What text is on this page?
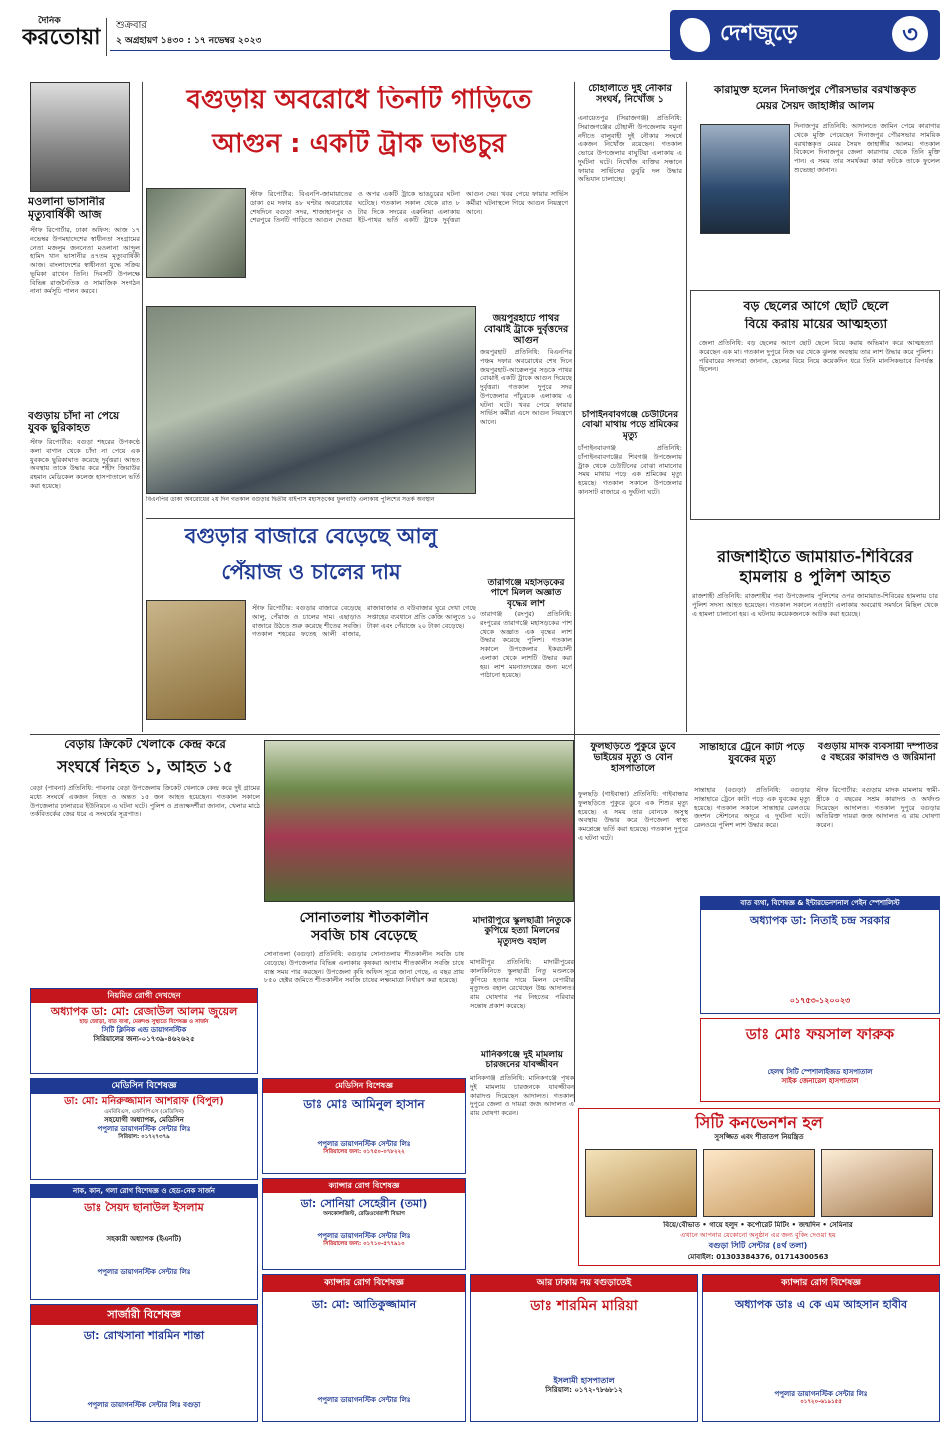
দৈনিক
করতোয়া শুক্রবার
২ অগ্রহায়ণ ১৪৩০ : ১৭ নভেম্বর ২০২৩	দেশজুড়ে	৩
মওলানা ভাসানীর মৃত্যুবার্ষিকী আজ
স্টাফ রিপোর্টার, ঢাকা অফিস: আজ ১৭ নভেম্বর উপমহাদেশের স্বাধীনতা সংগ্রামের নেতা মজলুম জননেতা মওলানা আব্দুল হামিদ খান ভাসানীর ৪৭তম মৃত্যুবার্ষিকী আজ। বাংলাদেশের স্বাধীনতা যুদ্ধে সক্রিয় ভূমিকা রাখেন তিনি। দিবসটি উপলক্ষে বিভিন্ন রাজনৈতিক ও সামাজিক সংগঠন নানা কর্মসূচি পালন করবে।
বগুড়ায় চাঁদা না পেয়ে যুবক ছুরিকাহত
স্টাফ রিপোর্টার: বগুড়া শহরের উপকণ্ঠে কলা বাগান থেকে চাঁদা না পেয়ে এক যুবককে ছুরিকাঘাত করেছে দুর্বৃত্তরা। আহত অবস্থায় তাকে উদ্ধার করে শহীদ জিয়াউর রহমান মেডিকেল কলেজ হাসপাতালে ভর্তি করা হয়েছে।
বগুড়ায় অবরোধে তিনটি গাড়িতে
আগুন : একটি ট্রাক ভাঙচুর
স্টাফ রিপোর্টার: বিএনপি-জামায়াতের ডাকা ৫ম দফায় ৪৮ ঘণ্টার অবরোধের শেষদিনে বগুড়া সদর, শাজাহানপুর ও শেরপুরে তিনটি গাড়িতে আগুন দেওয়া ও অপর একটি ট্রাকে ভাঙচুরের ঘটনা ঘটেছে। গতকাল সকাল থেকে রাত ৮ টার দিকে সদরের এরুলিয়া এলাকায় ইট-পাথর ভর্তি একটি ট্রাকে দুর্বৃত্তরা আগুন দেয়। খবর পেয়ে ফায়ার সার্ভিস কর্মীরা ঘটনাস্থলে গিয়ে আগুন নিয়ন্ত্রণে আনে।
বিএনপির ডাকা অবরোধের ২য় দিন গতকাল বগুড়ার দ্বিতীয় বাইপাস মহাসড়কের ফুলবাড়ি এলাকায় পুলিশের সতর্ক অবস্থান
জয়পুরহাটে পাথর বোঝাই ট্রাকে দুর্বৃত্তদের আগুন
জয়পুরহাট প্রতিনিধি: বিএনপির পঞ্চম দফার অবরোধের শেষ দিনে জয়পুরহাট-আক্কেলপুর সড়কে পাথর বোঝাই একটি ট্রাকে আগুন দিয়েছে দুর্বৃত্তরা। গতকাল দুপুরে সদর উপজেলার পাঁচুরচক এলাকায় এ ঘটনা ঘটে। খবর পেয়ে ফায়ার সার্ভিস কর্মীরা এসে আগুন নিয়ন্ত্রণে আনে।
তারাগঞ্জে মহাসড়কের পাশে মিলল অজ্ঞাত বৃদ্ধের লাশ
তারাগঞ্জ (রংপুর) প্রতিনিধি: রংপুরের তারাগঞ্জে মহাসড়কের পাশ থেকে অজ্ঞাত এক বৃদ্ধের লাশ উদ্ধার করেছে পুলিশ। গতকাল সকালে উপজেলার ইকরচালী এলাকা থেকে লাশটি উদ্ধার করা হয়। লাশ ময়নাতদন্তের জন্য মর্গে পাঠানো হয়েছে।
বগুড়ার বাজারে বেড়েছে আলু
পেঁয়াজ ও চালের দাম
স্টাফ রিপোর্টার: বগুড়ার বাজারে বেড়েছে আলু, পেঁয়াজ ও চালের দাম। এছাড়াও বাজারে উঠতে শুরু করেছে শীতের সবজি। গতকাল শহরের ফতেহ আলী বাজার, রাজাবাজার ও বউবাজার ঘুরে দেখা গেছে সপ্তাহের ব্যবধানে প্রতি কেজি আলুতে ১০ টাকা এবং পেঁয়াজে ২০ টাকা বেড়েছে।
বেড়ায় ক্রিকেট খেলাকে কেন্দ্র করে
সংঘর্ষে নিহত ১, আহত ১৫
বেড়া (পাবনা) প্রতিনিধি: পাবনার বেড়া উপজেলায় ক্রিকেট খেলাকে কেন্দ্র করে দুই গ্রামের মধ্যে সংঘর্ষে একজন নিহত ও অন্তত ১৫ জন আহত হয়েছেন। গতকাল সকালে উপজেলার ঢালারচর ইউনিয়নে এ ঘটনা ঘটে। পুলিশ ও প্রত্যক্ষদর্শীরা জানান, খেলার মাঠে তর্কবিতর্কের জের ধরে এ সংঘর্ষের সূত্রপাত।
সোনাতলায় শীতকালীন
সবজি চাষ বেড়েছে
সোনাতলা (বগুড়া) প্রতিনিধি: বগুড়ার সোনাতলায় শীতকালীন সবজি চাষ বেড়েছে। উপজেলার বিভিন্ন এলাকায় কৃষকরা আগাম শীতকালীন সবজি চাষে ব্যস্ত সময় পার করছেন। উপজেলা কৃষি অফিস সূত্রে জানা গেছে, এ বছর প্রায় ৮৫০ হেক্টর জমিতে শীতকালীন সবজি চাষের লক্ষ্যমাত্রা নির্ধারণ করা হয়েছে।
মাদারীপুরে স্কুলছাত্রী নিতুকে কুপিয়ে হত্যা মিলনের মৃত্যুদণ্ড বহাল
মাদারীপুর প্রতিনিধি: মাদারীপুরের কালকিনিতে স্কুলছাত্রী নিতু মণ্ডলকে কুপিয়ে হত্যার দায়ে মিলন বেপারীর মৃত্যুদণ্ড বহাল রেখেছেন উচ্চ আদালত। রায় ঘোষণার পর নিহতের পরিবার সন্তোষ প্রকাশ করেছে।
মানিকগঞ্জে দুই মামলায় চারজনের যাবজ্জীবন
মানিকগঞ্জ প্রতিনিধি: মানিকগঞ্জে পৃথক দুই মামলায় চারজনকে যাবজ্জীবন কারাদণ্ড দিয়েছেন আদালত। গতকাল দুপুরে জেলা ও দায়রা জজ আদালত এ রায় ঘোষণা করেন।
চৌহালীতে দুই নৌকার সংঘর্ষ, নিখোঁজ ১
এনায়েতপুর (সিরাজগঞ্জ) প্রতিনিধি: সিরাজগঞ্জের চৌহালী উপজেলায় যমুনা নদীতে বালুবাহী দুই নৌকার সংঘর্ষে একজন নিখোঁজ রয়েছেন। গতকাল ভোরে উপজেলার বাঘুটিয়া এলাকায় এ দুর্ঘটনা ঘটে। নিখোঁজ ব্যক্তির সন্ধানে ফায়ার সার্ভিসের ডুবুরি দল উদ্ধার অভিযান চালাচ্ছে।
চাঁপাইনবাবগঞ্জে চেউটিনের বোঝা মাথায় পড়ে শ্রমিকের মৃত্যু
চাঁপাইনবাবগঞ্জ প্রতিনিধি: চাঁপাইনবাবগঞ্জের শিবগঞ্জ উপজেলায় ট্রাক থেকে চেউটিনের বোঝা নামানোর সময় মাথায় পড়ে এক শ্রমিকের মৃত্যু হয়েছে। গতকাল সকালে উপজেলার কানসাট বাজারে এ দুর্ঘটনা ঘটে।
কারামুক্ত হলেন দিনাজপুর পৌরসভার বরখাস্তকৃত
মেয়র সৈয়দ জাহাঙ্গীর আলম
দিনাজপুর প্রতিনিধি: আদালতে জামিন পেয়ে কারাগার থেকে মুক্তি পেয়েছেন দিনাজপুর পৌরসভার সাময়িক বরখাস্তকৃত মেয়র সৈয়দ জাহাঙ্গীর আলম। গতকাল বিকেলে দিনাজপুর জেলা কারাগার থেকে তিনি মুক্তি পান। এ সময় তার সমর্থকরা কারা ফটকে তাকে ফুলেল শুভেচ্ছা জানান।
বড় ছেলের আগে ছোট ছেলে
বিয়ে করায় মায়ের আত্মহত্যা
জেলা প্রতিনিধি: বড় ছেলের আগে ছোট ছেলে বিয়ে করায় অভিমান করে আত্মহত্যা করেছেন এক মা। গতকাল দুপুরে নিজ ঘর থেকে ঝুলন্ত অবস্থায় তার লাশ উদ্ধার করে পুলিশ। পরিবারের সদস্যরা জানান, ছেলের বিয়ে নিয়ে কয়েকদিন ধরে তিনি মানসিকভাবে বিপর্যস্ত ছিলেন।
রাজশাহীতে জামায়াত-শিবিরের
হামলায় ৪ পুলিশ আহত
রাজশাহী প্রতিনিধি: রাজশাহীর পবা উপজেলায় পুলিশের ওপর জামায়াত-শিবিরের হামলায় চার পুলিশ সদস্য আহত হয়েছেন। গতকাল সকালে নওহাটা এলাকায় অবরোধ সমর্থনে মিছিল থেকে এ হামলা চালানো হয়। এ ঘটনায় কয়েকজনকে আটক করা হয়েছে।
ফুলছড়িতে পুকুরে ডুবে ভাইয়ের মৃত্যু ও বোন হাসপাতালে
ফুলছড়ি (গাইবান্ধা) প্রতিনিধি: গাইবান্ধার ফুলছড়িতে পুকুরে ডুবে এক শিশুর মৃত্যু হয়েছে। এ সময় তার বোনকে অসুস্থ অবস্থায় উদ্ধার করে উপজেলা স্বাস্থ্য কমপ্লেক্সে ভর্তি করা হয়েছে। গতকাল দুপুরে এ ঘটনা ঘটে।
সান্তাহারে ট্রেনে কাটা পড়ে যুবকের মৃত্যু
সান্তাহার (বগুড়া) প্রতিনিধি: বগুড়ার সান্তাহারে ট্রেনে কাটা পড়ে এক যুবকের মৃত্যু হয়েছে। গতকাল সকালে সান্তাহার রেলওয়ে জংশন স্টেশনের অদূরে এ দুর্ঘটনা ঘটে। রেলওয়ে পুলিশ লাশ উদ্ধার করে।
বগুড়ায় মাদক ব্যবসায়ী দম্পতির ৫ বছরের কারাদণ্ড ও জরিমানা
স্টাফ রিপোর্টার: বগুড়ায় মাদক মামলায় স্বামী-স্ত্রীকে ৫ বছরের সশ্রম কারাদণ্ড ও অর্থদণ্ড দিয়েছেন আদালত। গতকাল দুপুরে বগুড়ার অতিরিক্ত দায়রা জজ আদালত এ রায় ঘোষণা করেন।
নিয়মিত রোগী দেখছেন
অধ্যাপক ডা: মো: রেজাউল আলম জুয়েল
হাড় জোড়া, বাত ব্যথা, মেরুদণ্ড সুস্থ্যতে বিশেষজ্ঞ ও সার্জন
সিটি ক্লিনিক এন্ড ডায়াগনস্টিক
সিরিয়ালের জন্য-০১৭৩৯-৪৬২৬২৫
মেডিসিন বিশেষজ্ঞ
ডা: মো: মনিরুজ্জামান আশরাফ (বিপুল)
এমবিবিএস, এফসিপিএস (মেডিসিন)
সহযোগী অধ্যাপক, মেডিসিন
পপুলার ডায়াগনস্টিক সেন্টার লিঃ
সিরিয়াল: ০১৭২৭৩৭৯
নাক, কান, গলা রোগ বিশেষজ্ঞ ও হেড-নেক সার্জন
ডাঃ সৈয়দ ছানাউল ইসলাম
সহকারী অধ্যাপক (ইএনটি)
পপুলার ডায়াগনস্টিক সেন্টার লিঃ
সার্জারী বিশেষজ্ঞ
ডা: রোখসানা শারমিন শান্তা
পপুলার ডায়াগনস্টিক সেন্টার লিঃ বগুড়া
মেডিসিন বিশেষজ্ঞ
ডাঃ মোঃ আমিনুল হাসান
পপুলার ডায়াগনস্টিক সেন্টার লিঃ
সিরিয়ালের জন্য: ০১৭৫০-০৭৮২২২
ক্যান্সার রোগ বিশেষজ্ঞ
ডা: সোনিয়া সেহেরীন (তমা)
অনকোলজিস্ট, রেডিওথেরাপী বিভাগ
পপুলার ডায়াগনস্টিক সেন্টার লিঃ
সিরিয়ালের জন্য: ০১৭১০-৫৭৭৯১০
ক্যান্সার রোগ বিশেষজ্ঞ
ডা: মো: আতিকুজ্জামান
পপুলার ডায়াগনস্টিক সেন্টার লিঃ
আর ঢাকায় নয় বগুড়াতেই
ডাঃ শারমিন মারিয়া
ইসলামী হাসপাতাল
সিরিয়াল: ০১৭২-৭৮৬৮১২
বাত ব্যথা, বিশেষজ্ঞ & ইন্টারভেনশনাল পেইন স্পেশালিস্ট
অধ্যাপক ডা: নিতাই চন্দ্র সরকার
০১৭৫৩-১২০০২৩
ডাঃ মোঃ ফয়সাল ফারুক
হেলথ সিটি স্পেশালাইজড হাসপাতাল
সাইক জেনারেল হাসপাতাল
সিটি কনভেনশন হল
সুসজ্জিত এবং শীতাতপ নিয়ন্ত্রিত
বিয়ে/বৌভাত • গায়ে হলুদ • কর্পোরেট মিটিং • জন্মদিন • সেমিনার
এখানে আপনার যেকোনো অনুষ্ঠান এর জন্য বুকিং দেওয়া হয়
বগুড়া সিটি সেন্টার (৪র্থ তলা)
মোবাইল: 01303384376, 01714300563
ক্যান্সার রোগ বিশেষজ্ঞ
অধ্যাপক ডাঃ এ কে এম আহসান হাবীব
পপুলার ডায়াগনস্টিক সেন্টার লিঃ
০১৭২০-৬১৯১৫৫
